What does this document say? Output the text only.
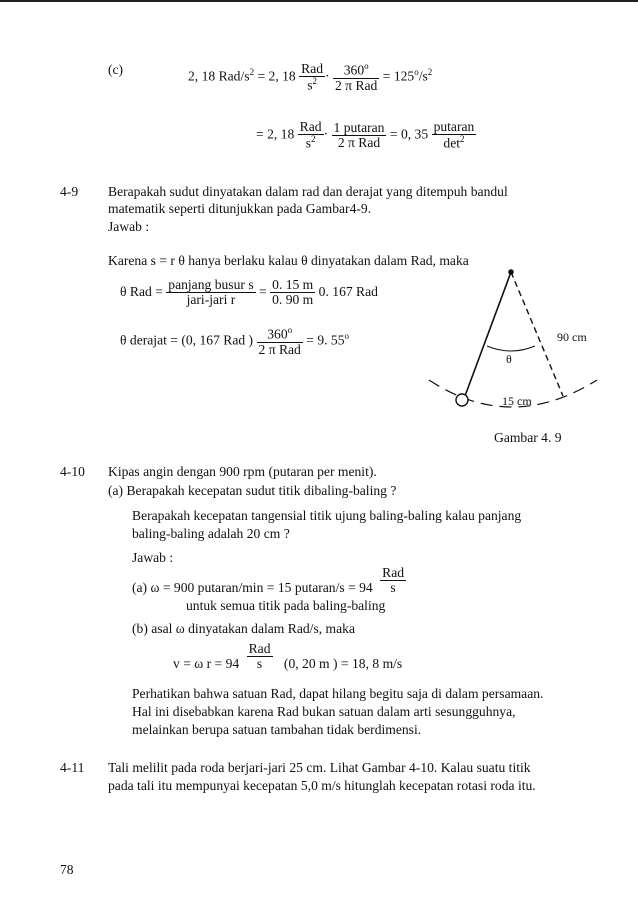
(c)	2, 18 Rad/$s^2 = 2$, $18 \frac{\text{Rad}}{s^2} \cdot \frac{360^o}{\text{2 π Rad}} = 125^o/s^2$
= 2, $18 \frac{\text{Rad}}{s^2} \cdot \frac{\text{1 putaran}}{\text{2 π Rad}} = 0$, $35 \frac{\text{putaran}}{\det^2}$
4-9 Berapakah sudut dinyatakan dalam rad dan derajat yang ditempuh bandul
matematik seperti ditunjukkan pada Gambar4-9.
Jawab :
Karena s = r θ hanya berlaku kalau θ dinyatakan dalam Rad, maka
θ Rad = $\frac{\text{panjang busur s}}{\text{jari-jari r}} = \frac{0. 15 m}{0. 90 m} 0$. 167 Rad
θ derajat = (0, 167 Rad ) $\frac{360^o}{\text{2 π Rad}} = 9$. 55$^o$	90 cm
θ
15 cm
Gambar 4. 9
4-10 Kipas angin dengan 900 rpm (putaran per menit).
(a) Berapakah kecepatan sudut titik dibaling-baling ?
Berapakah kecepatan tangensial titik ujung baling-baling kalau panjang
baling-baling adalah 20 cm ?
Jawab :
(a) ω = 900 putaran/min = 15 putaran/s = $94 \frac{\text{Rad}}{s}$
untuk semua titik pada baling-baling
(b) asal ω dinyatakan dalam Rad/s, maka
v = ω $r = 94 \frac{\text{Rad}}{s} (0$, 20 m ) = 18, 8 m/s
Perhatikan bahwa satuan Rad, dapat hilang begitu saja di dalam persamaan.
Hal ini disebabkan karena Rad bukan satuan dalam arti sesungguhnya,
melainkan berupa satuan tambahan tidak berdimensi.
4-11 Tali melilit pada roda berjari-jari 25 cm. Lihat Gambar 4-10. Kalau suatu titik
pada tali itu mempunyai kecepatan 5,0 m/s hitunglah kecepatan rotasi roda itu.
78
